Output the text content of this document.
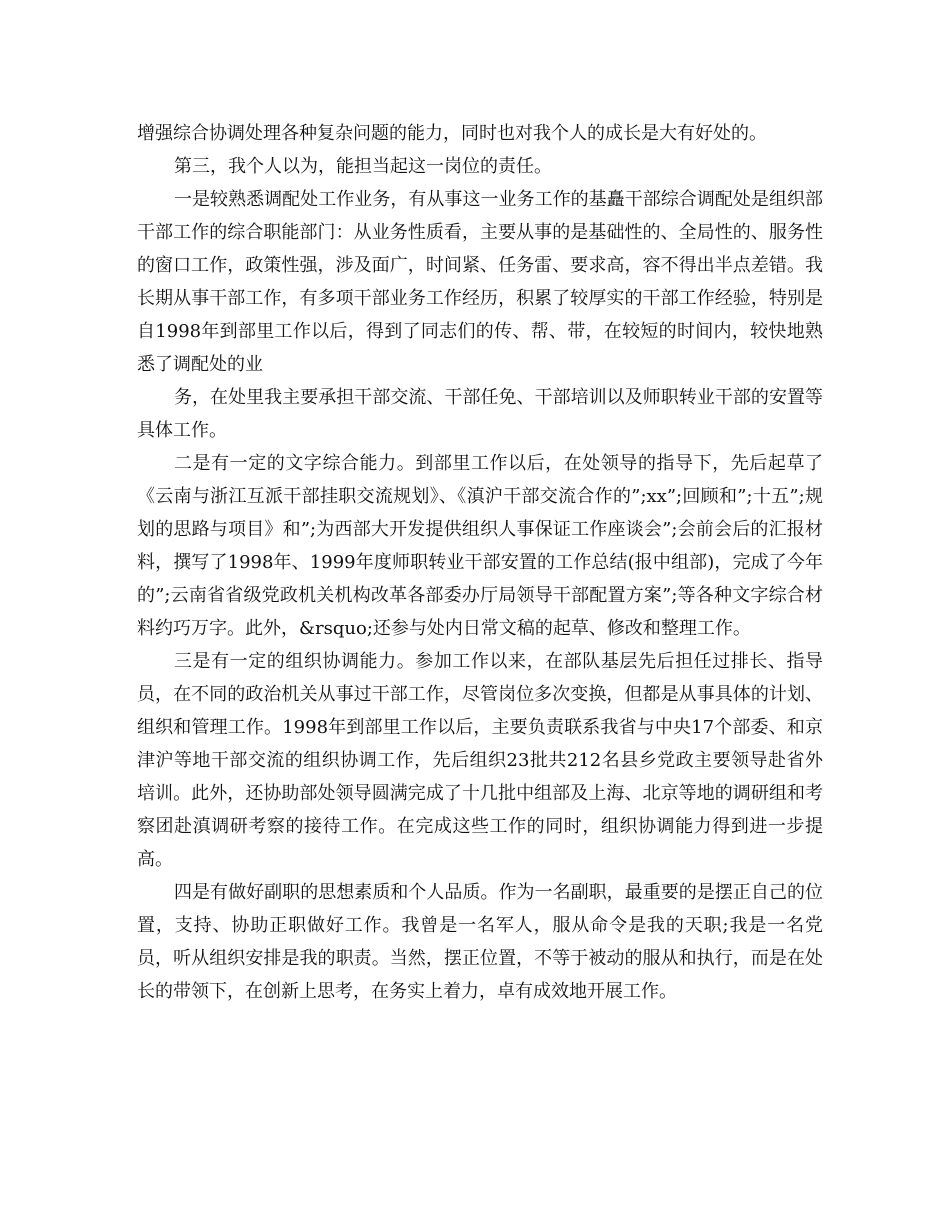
增强综合协调处理各种复杂问题的能力，同时也对我个人的成长是大有好处的。

第三，我个人以为，能担当起这一岗位的责任。

一是较熟悉调配处工作业务，有从事这一业务工作的基矗干部综合调配处是组织部干部工作的综合职能部门：从业务性质看，主要从事的是基础性的、全局性的、服务性的窗口工作，政策性强，涉及面广，时间紧、任务雷、要求高，容不得出半点差错。我长期从事干部工作，有多项干部业务工作经历，积累了较厚实的干部工作经验，特别是自1998年到部里工作以后，得到了同志们的传、帮、带，在较短的时间内，较快地熟悉了调配处的业

务，在处里我主要承担干部交流、干部任免、干部培训以及师职转业干部的安置等具体工作。

二是有一定的文字综合能力。到部里工作以后，在处领导的指导下，先后起草了《云南与浙江互派干部挂职交流规划》、《滇沪干部交流合作的”;xx”;回顾和”;十五”;规划的思路与项目》和”;为西部大开发提供组织人事保证工作座谈会”;会前会后的汇报材料，撰写了1998年、1999年度师职转业干部安置的工作总结(报中组部)，完成了今年的”;云南省省级党政机关机构改革各部委办厅局领导干部配置方案”;等各种文字综合材料约巧万字。此外，&rsquo;还参与处内日常文稿的起草、修改和整理工作。

三是有一定的组织协调能力。参加工作以来，在部队基层先后担任过排长、指导员，在不同的政治机关从事过干部工作，尽管岗位多次变换，但都是从事具体的计划、组织和管理工作。1998年到部里工作以后，主要负责联系我省与中央17个部委、和京津沪等地干部交流的组织协调工作，先后组织23批共212名县乡党政主要领导赴省外培训。此外，还协助部处领导圆满完成了十几批中组部及上海、北京等地的调研组和考察团赴滇调研考察的接待工作。在完成这些工作的同时，组织协调能力得到进一步提高。

四是有做好副职的思想素质和个人品质。作为一名副职，最重要的是摆正自己的位置，支持、协助正职做好工作。我曾是一名军人，服从命令是我的天职;我是一名党员，听从组织安排是我的职责。当然，摆正位置，不等于被动的服从和执行，而是在处长的带领下，在创新上思考，在务实上着力，卓有成效地开展工作。
